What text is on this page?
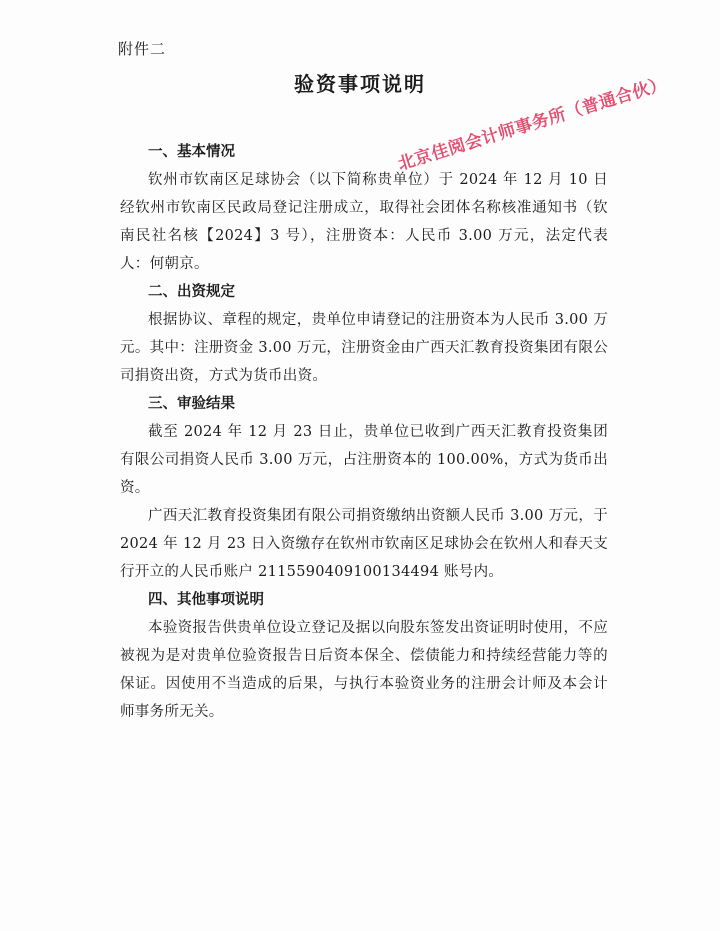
附件二
验资事项说明

一、基本情况

钦州市钦南区足球协会（以下简称贵单位）于 2024 年 12 月 10 日经钦州市钦南区民政局登记注册成立，取得社会团体名称核准通知书（钦南民社名核【2024】3 号），注册资本：人民币 3.00 万元，法定代表人：何朝京。

二、出资规定

根据协议、章程的规定，贵单位申请登记的注册资本为人民币 3.00 万元。其中：注册资金 3.00 万元，注册资金由广西天汇教育投资集团有限公司捐资出资，方式为货币出资。

三、审验结果

截至 2024 年 12 月 23 日止，贵单位已收到广西天汇教育投资集团有限公司捐资人民币 3.00 万元，占注册资本的 100.00%，方式为货币出资。

广西天汇教育投资集团有限公司捐资缴纳出资额人民币 3.00 万元，于 2024 年 12 月 23 日入资缴存在钦州市钦南区足球协会在钦州人和春天支行开立的人民币账户 2115590409100134494 账号内。

四、其他事项说明

本验资报告供贵单位设立登记及据以向股东签发出资证明时使用，不应被视为是对贵单位验资报告日后资本保全、偿债能力和持续经营能力等的保证。因使用不当造成的后果，与执行本验资业务的注册会计师及本会计师事务所无关。

北京佳阅会计师事务所（普通合伙）
